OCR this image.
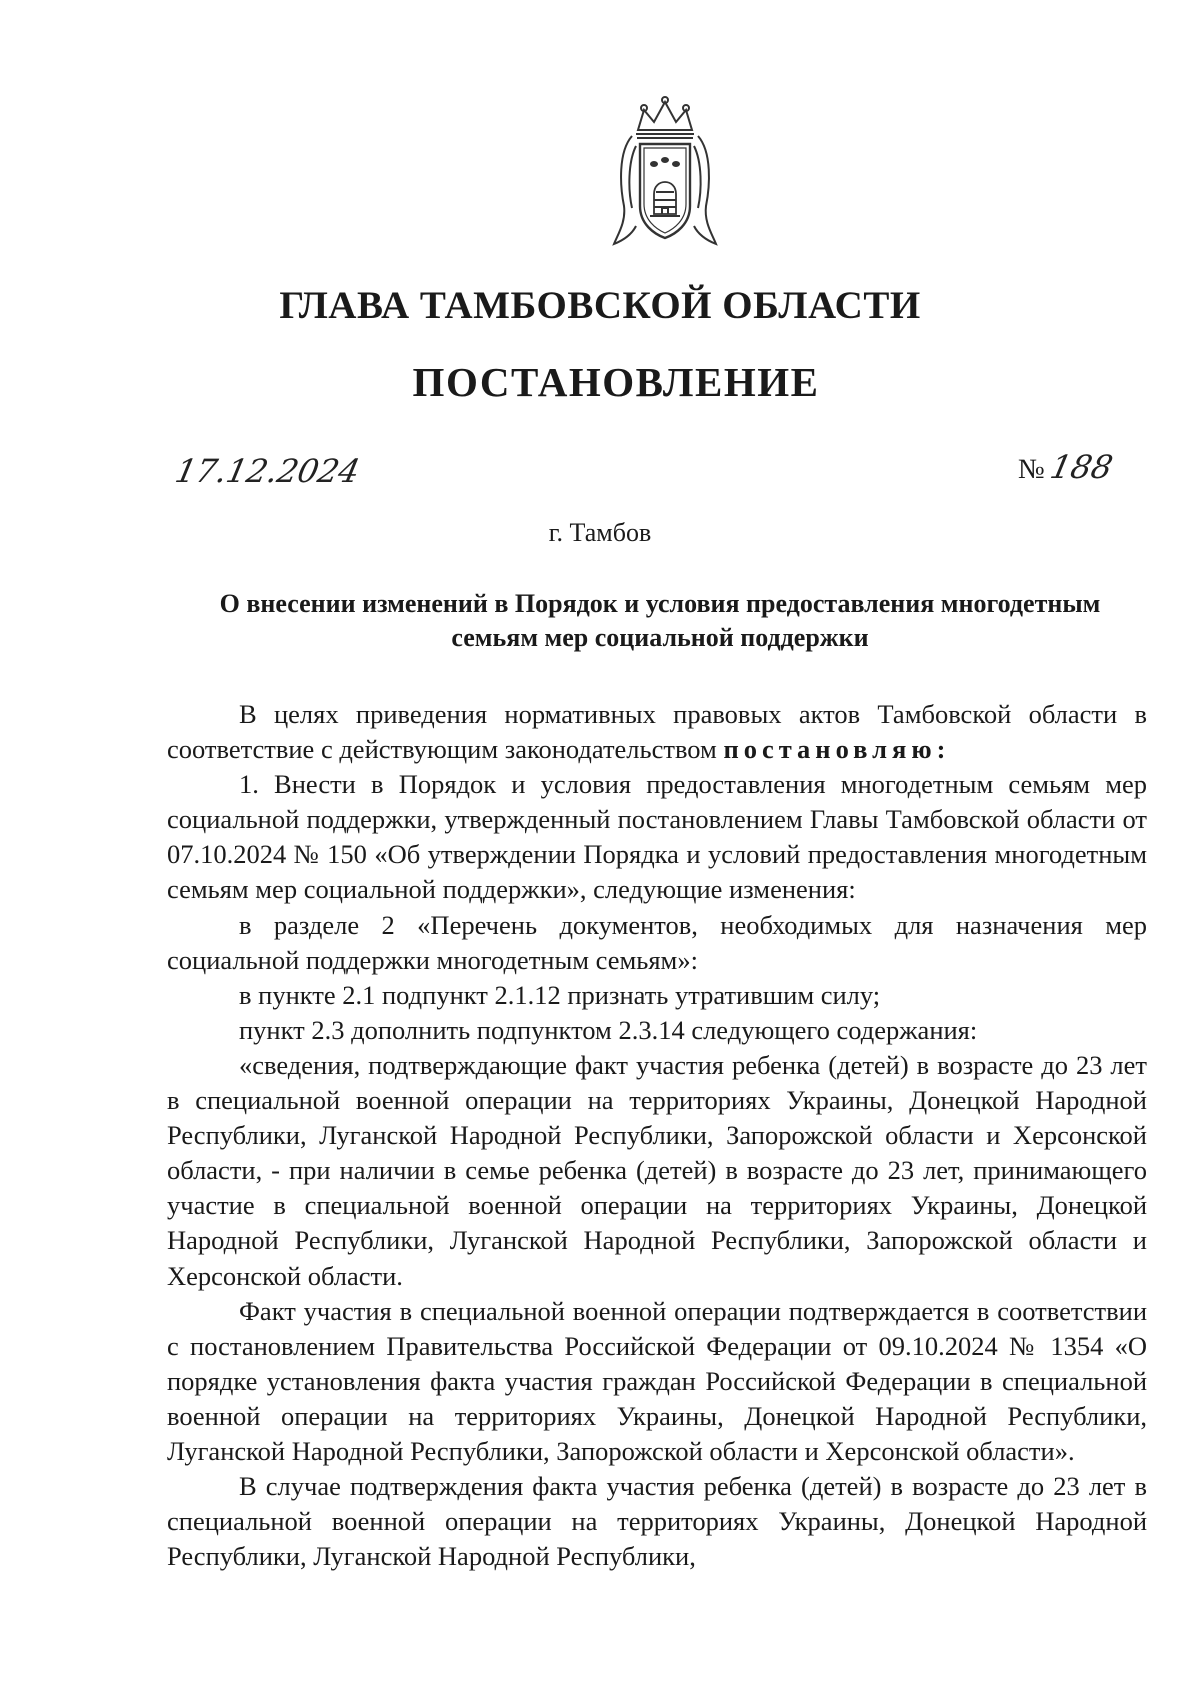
ГЛАВА ТАМБОВСКОЙ ОБЛАСТИ
ПОСТАНОВЛЕНИЕ
17.12.2024	№188
г. Тамбов
О внесении изменений в Порядок и условия предоставления многодетным
семьям мер социальной поддержки

В целях приведения нормативных правовых актов Тамбовской области в соответствие с действующим законодательством постановляю:

1. Внести в Порядок и условия предоставления многодетным семьям мер социальной поддержки, утвержденный постановлением Главы Тамбовской области от 07.10.2024 № 150 «Об утверждении Порядка и условий предоставления многодетным семьям мер социальной поддержки», следующие изменения:

в разделе 2 «Перечень документов, необходимых для назначения мер социальной поддержки многодетным семьям»:

в пункте 2.1 подпункт 2.1.12 признать утратившим силу;

пункт 2.3 дополнить подпунктом 2.3.14 следующего содержания:

«сведения, подтверждающие факт участия ребенка (детей) в возрасте до 23 лет в специальной военной операции на территориях Украины, Донецкой Народной Республики, Луганской Народной Республики, Запорожской области и Херсонской области, - при наличии в семье ребенка (детей) в возрасте до 23 лет, принимающего участие в специальной военной операции на территориях Украины, Донецкой Народной Республики, Луганской Народной Республики, Запорожской области и Херсонской области.

Факт участия в специальной военной операции подтверждается в соответствии с постановлением Правительства Российской Федерации от 09.10.2024 № 1354 «О порядке установления факта участия граждан Российской Федерации в специальной военной операции на территориях Украины, Донецкой Народной Республики, Луганской Народной Республики, Запорожской области и Херсонской области».

В случае подтверждения факта участия ребенка (детей) в возрасте до 23 лет в специальной военной операции на территориях Украины, Донецкой Народной Республики, Луганской Народной Республики,
